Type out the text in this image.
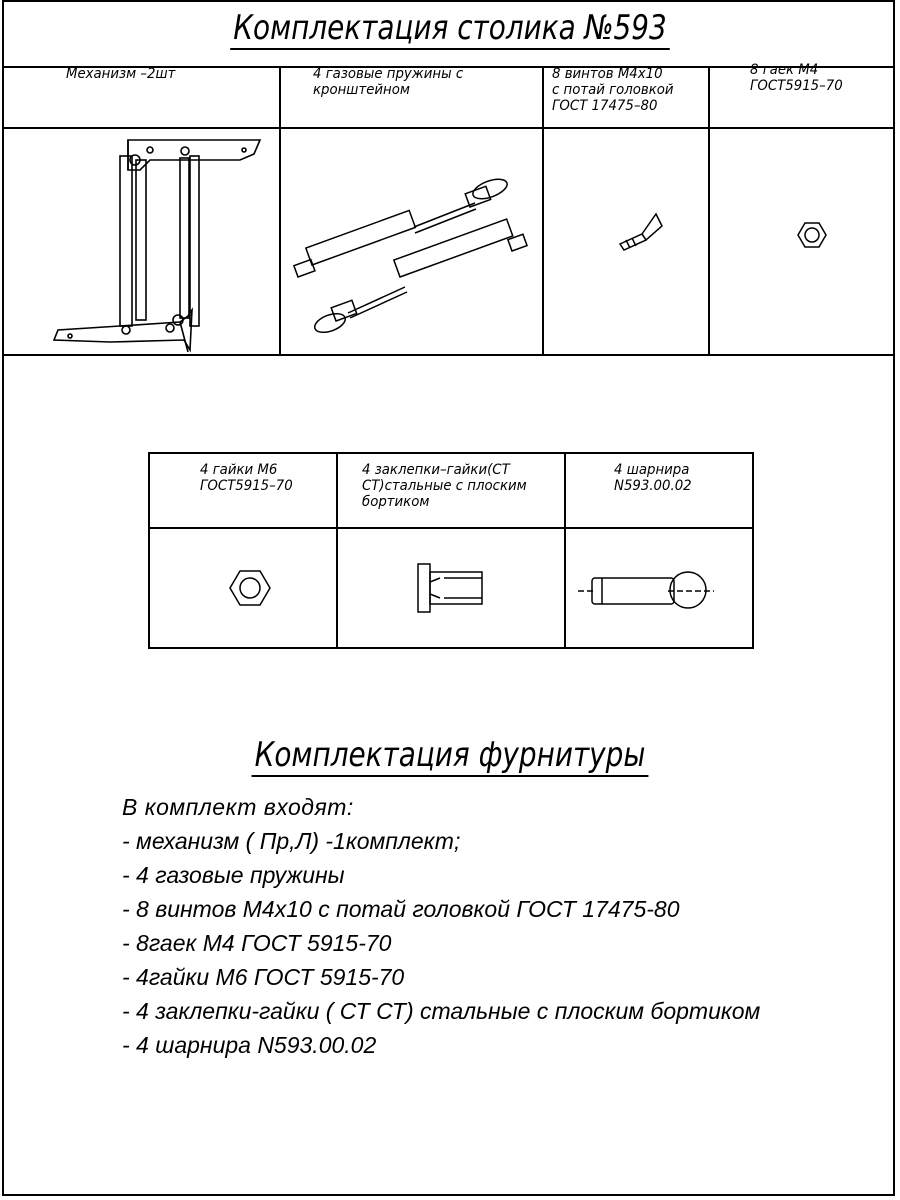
Комплектация столика №593
Механизм –2шт	4 газовые пружины с
кронштейном
8 винтов М4х10
с потай головкой
ГОСТ 17475–80
8 гаек М4
ГОСТ5915–70
4 гайки М6
ГОСТ5915–70
4 заклепки–гайки(СТ
СТ)стальные с плоским
бортиком
4 шарнира
N593.00.02
Комплектация фурнитуры
В комплект входят:
- механизм ( Пр,Л) -1комплект;
- 4 газовые пружины
- 8 винтов М4х10 с потай головкой ГОСТ 17475-80
- 8гаек М4 ГОСТ 5915-70
- 4гайки М6 ГОСТ 5915-70
- 4 заклепки-гайки ( СТ СТ) стальные с плоским бортиком
- 4 шарнира N593.00.02
